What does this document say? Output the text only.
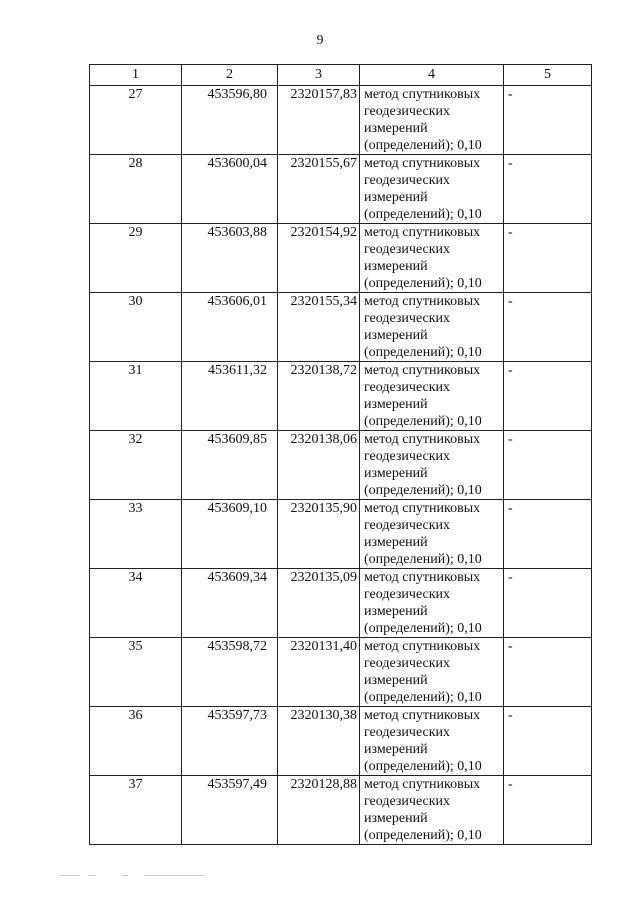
9
1	2	3	4	5
27	453596,80	2320157,83	метод спутниковых геодезических измерений (определений); 0,10	-
28	453600,04	2320155,67	метод спутниковых геодезических измерений (определений); 0,10	-
29	453603,88	2320154,92	метод спутниковых геодезических измерений (определений); 0,10	-
30	453606,01	2320155,34	метод спутниковых геодезических измерений (определений); 0,10	-
31	453611,32	2320138,72	метод спутниковых геодезических измерений (определений); 0,10	-
32	453609,85	2320138,06	метод спутниковых геодезических измерений (определений); 0,10	-
33	453609,10	2320135,90	метод спутниковых геодезических измерений (определений); 0,10	-
34	453609,34	2320135,09	метод спутниковых геодезических измерений (определений); 0,10	-
35	453598,72	2320131,40	метод спутниковых геодезических измерений (определений); 0,10	-
36	453597,73	2320130,38	метод спутниковых геодезических измерений (определений); 0,10	-
37	453597,49	2320128,88	метод спутниковых геодезических измерений (определений); 0,10	-
